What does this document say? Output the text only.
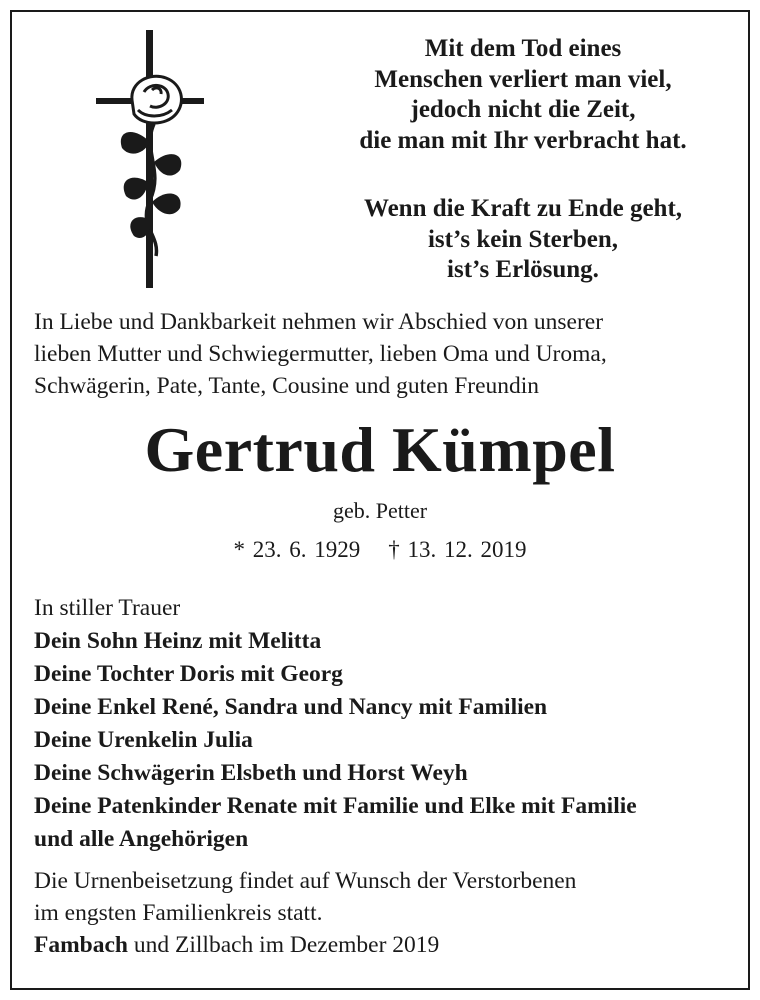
Mit dem Tod eines
Menschen verliert man viel,
jedoch nicht die Zeit,
die man mit Ihr verbracht hat.
Wenn die Kraft zu Ende geht,
ist’s kein Sterben,
ist’s Erlösung.
In Liebe und Dankbarkeit nehmen wir Abschied von unserer
lieben Mutter und Schwiegermutter, lieben Oma und Uroma,
Schwägerin, Pate, Tante, Cousine und guten Freundin
Gertrud Kümpel
geb. Petter
* 23. 6. 1929 † 13. 12. 2019
In stiller Trauer
Dein Sohn Heinz mit Melitta
Deine Tochter Doris mit Georg
Deine Enkel René, Sandra und Nancy mit Familien
Deine Urenkelin Julia
Deine Schwägerin Elsbeth und Horst Weyh
Deine Patenkinder Renate mit Familie und Elke mit Familie
und alle Angehörigen
Die Urnenbeisetzung findet auf Wunsch der Verstorbenen
im engsten Familienkreis statt.
Fambach und Zillbach im Dezember 2019
